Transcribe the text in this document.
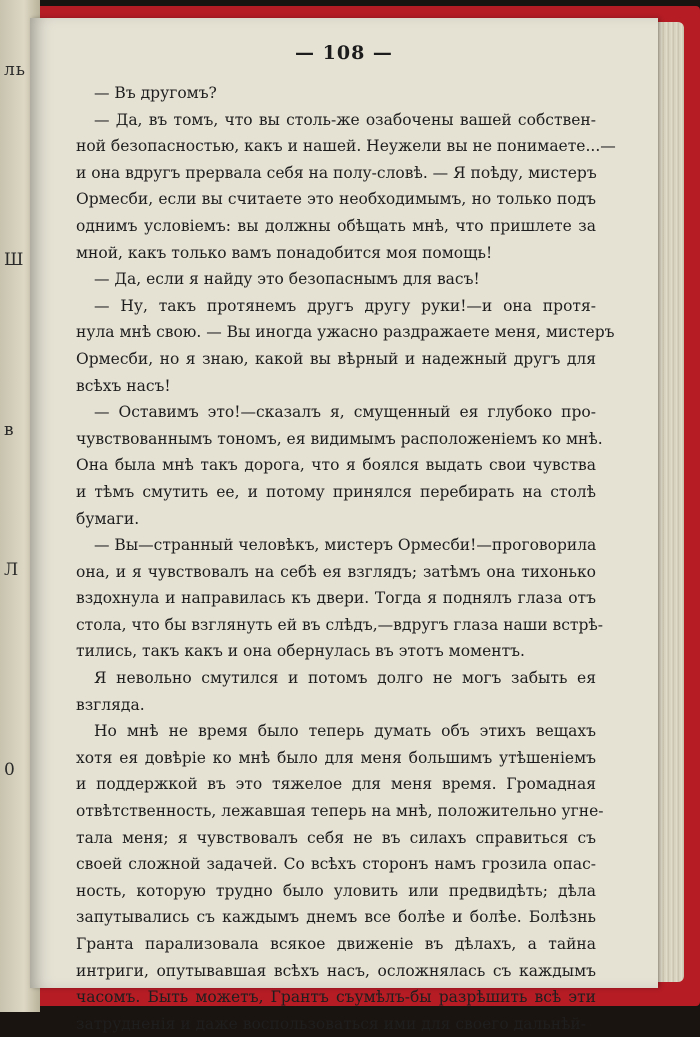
ль
Ш
в
Л
0
— 108 —
— Въ другомъ?
— Да, въ томъ, что вы столь-же озабочены вашей собствен-
ной безопасностью, какъ и нашей. Неужели вы не понимаете...—
и она вдругъ прервала себя на полу-словѣ. — Я поѣду, мистеръ
Ормесби, если вы считаете это необходимымъ, но только подъ
однимъ условіемъ: вы должны обѣщать мнѣ, что пришлете за
мной, какъ только вамъ понадобится моя помощь!
— Да, если я найду это безопаснымъ для васъ!
— Ну, такъ протянемъ другъ другу руки!—и она протя-
нула мнѣ свою. — Вы иногда ужасно раздражаете меня, мистеръ
Ормесби, но я знаю, какой вы вѣрный и надежный другъ для
всѣхъ насъ!
— Оставимъ это!—сказалъ я, смущенный ея глубоко про-
чувствованнымъ тономъ, ея видимымъ расположеніемъ ко мнѣ.
Она была мнѣ такъ дорога, что я боялся выдать свои чувства
и тѣмъ смутить ее, и потому принялся перебирать на столѣ
бумаги.
— Вы—странный человѣкъ, мистеръ Ормесби!—проговорила
она, и я чувствовалъ на себѣ ея взглядъ; затѣмъ она тихонько
вздохнула и направилась къ двери. Тогда я поднялъ глаза отъ
стола, что бы взглянуть ей въ слѣдъ,—вдругъ глаза наши встрѣ-
тились, такъ какъ и она обернулась въ этотъ моментъ.
Я невольно смутился и потомъ долго не могъ забыть ея
взгляда.
Но мнѣ не время было теперь думать объ этихъ вещахъ
хотя ея довѣріе ко мнѣ было для меня большимъ утѣшеніемъ
и поддержкой въ это тяжелое для меня время. Громадная
отвѣтственность, лежавшая теперь на мнѣ, положительно угне-
тала меня; я чувствовалъ себя не въ силахъ справиться съ
своей сложной задачей. Со всѣхъ сторонъ намъ грозила опас-
ность, которую трудно было уловить или предвидѣть; дѣла
запутывались съ каждымъ днемъ все болѣе и болѣе. Болѣзнь
Гранта парализовала всякое движеніе въ дѣлахъ, а тайна
интриги, опутывавшая всѣхъ насъ, осложнялась съ каждымъ
часомъ. Быть можетъ, Грантъ съумѣлъ-бы разрѣшить всѣ эти
затрудненія и даже воспользоваться ими для своего дальнѣй-
